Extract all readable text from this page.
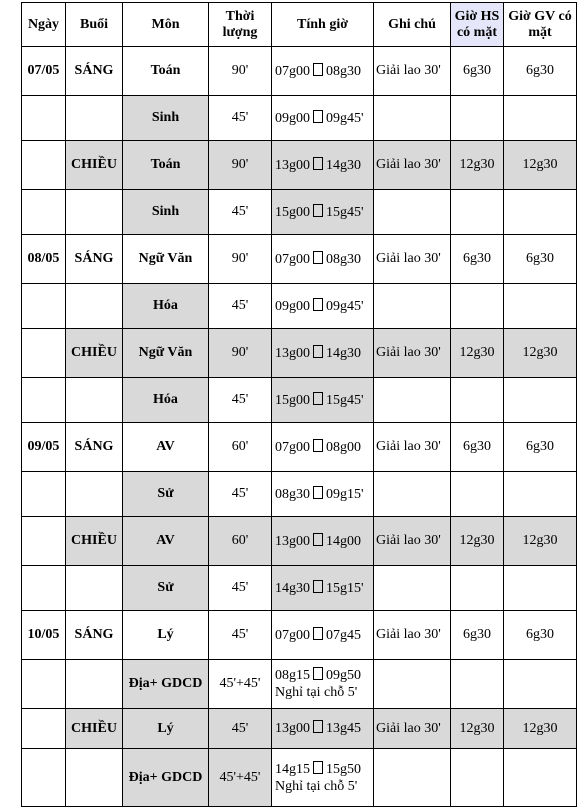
Ngày	Buổi	Môn	Thời lượng	Tính giờ	Ghi chú	Giờ HS có mặt	Giờ GV có mặt
07/05	SÁNG	Toán	90'	07g00 08g30	Giải lao 30'	6g30	6g30
		Sinh	45'	09g00 09g45'			

	CHIỀU	Toán	90'	13g00 14g30	Giải lao 30'	12g30	12g30
		Sinh	45'	15g00 15g45'			

08/05	SÁNG	Ngữ Văn	90'	07g00 08g30	Giải lao 30'	6g30	6g30
		Hóa	45'	09g00 09g45'			

	CHIỀU	Ngữ Văn	90'	13g00 14g30	Giải lao 30'	12g30	12g30
		Hóa	45'	15g00 15g45'			

09/05	SÁNG	AV	60'	07g00 08g00	Giải lao 30'	6g30	6g30
		Sử	45'	08g30 09g15'			

	CHIỀU	AV	60'	13g00 14g00	Giải lao 30'	12g30	12g30
		Sử	45'	14g30 15g15'			

10/05	SÁNG	Lý	45'	07g00 07g45	Giải lao 30'	6g30	6g30
		Địa+ GDCD	45'+45'	08g15 09g50
Nghỉ tại chỗ 5'			

	CHIỀU	Lý	45'	13g00 13g45	Giải lao 30'	12g30	12g30
		Địa+ GDCD	45'+45'	14g15 15g50
Nghỉ tại chỗ 5'			
